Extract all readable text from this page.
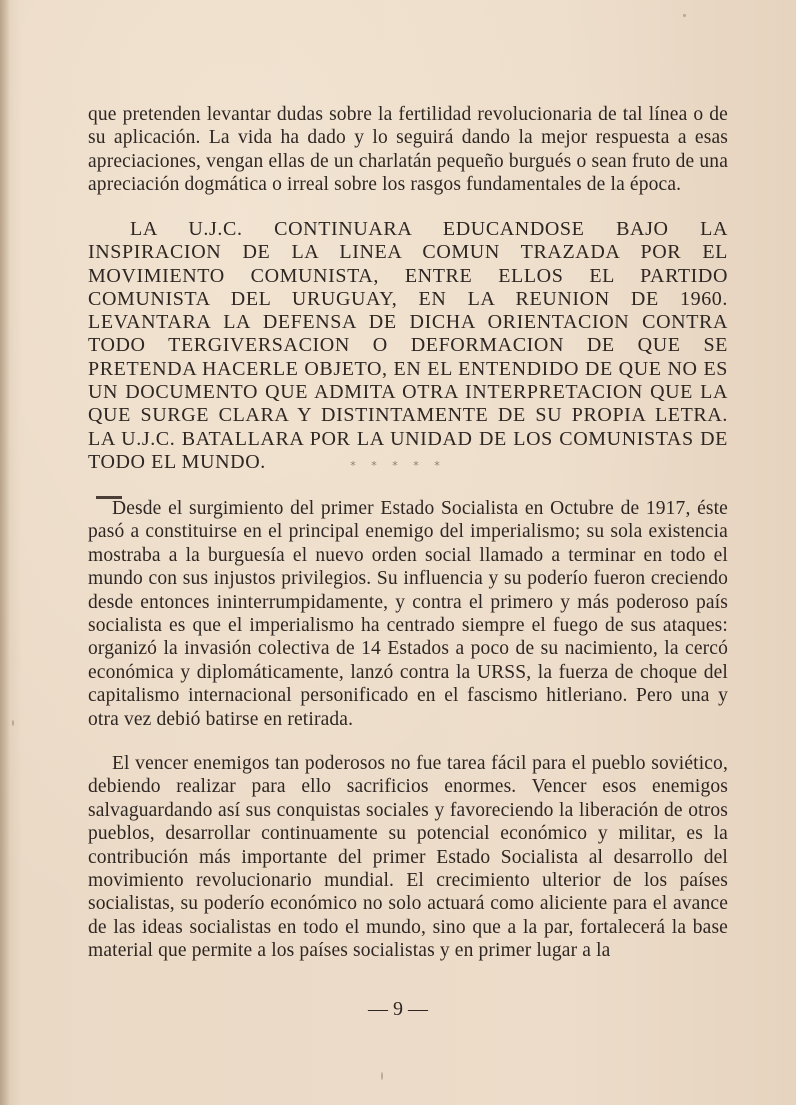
que pretenden levantar dudas sobre la fertilidad revolucionaria de tal línea o de su aplicación. La vida ha dado y lo seguirá dando la mejor respuesta a esas apreciaciones, vengan ellas de un charlatán pequeño burgués o sean fruto de una apreciación dogmática o irreal sobre los rasgos fundamentales de la época.

LA U.J.C. CONTINUARA EDUCANDOSE BAJO LA INSPIRACION DE LA LINEA COMUN TRAZADA POR EL MOVIMIENTO COMUNISTA, ENTRE ELLOS EL PARTIDO COMUNISTA DEL URUGUAY, EN LA REUNION DE 1960. LEVANTARA LA DEFENSA DE DICHA ORIENTACION CONTRA TODO TERGIVERSACION O DEFORMACION DE QUE SE PRETENDA HACERLE OBJETO, EN EL ENTENDIDO DE QUE NO ES UN DOCUMENTO QUE ADMITA OTRA INTERPRETACION QUE LA QUE SURGE CLARA Y DISTINTAMENTE DE SU PROPIA LETRA. LA U.J.C. BATALLARA POR LA UNIDAD DE LOS COMUNISTAS DE TODO EL MUNDO.	* * * * *

Desde el surgimiento del primer Estado Socialista en Octubre de 1917, éste pasó a constituirse en el principal enemigo del imperialismo; su sola existencia mostraba a la burguesía el nuevo orden social llamado a terminar en todo el mundo con sus injustos privilegios. Su influencia y su poderío fueron creciendo desde entonces ininterrumpidamente, y contra el primero y más poderoso país socialista es que el imperialismo ha centrado siempre el fuego de sus ataques: organizó la invasión colectiva de 14 Estados a poco de su nacimiento, la cercó económica y diplomáticamente, lanzó contra la URSS, la fuerza de choque del capitalismo internacional personificado en el fascismo hitleriano. Pero una y otra vez debió batirse en retirada.

El vencer enemigos tan poderosos no fue tarea fácil para el pueblo soviético, debiendo realizar para ello sacrificios enormes. Vencer esos enemigos salvaguardando así sus conquistas sociales y favoreciendo la liberación de otros pueblos, desarrollar continuamente su potencial económico y militar, es la contribución más importante del primer Estado Socialista al desarrollo del movimiento revolucionario mundial. El crecimiento ulterior de los países socialistas, su poderío económico no solo actuará como aliciente para el avance de las ideas socialistas en todo el mundo, sino que a la par, fortalecerá la base material que permite a los países socialistas y en primer lugar a la

— 9 —
